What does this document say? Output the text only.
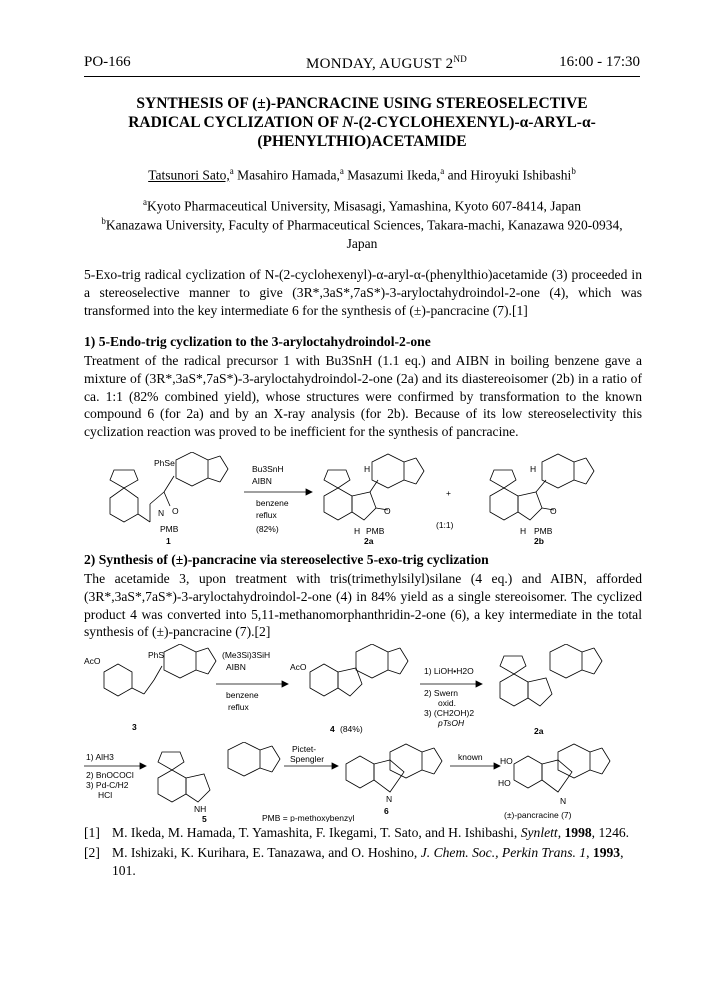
PO-166	MONDAY, AUGUST 2ND	16:00 - 17:30
SYNTHESIS OF (±)-PANCRACINE USING STEREOSELECTIVE
RADICAL CYCLIZATION OF N-(2-CYCLOHEXENYL)-α-ARYL-α-
(PHENYLTHIO)ACETAMIDE
Tatsunori Sato,$^a$ Masahiro Hamada,$^a$ Masazumi Ikeda,$^a$ and Hiroyuki Ishibashi$^b$
$^a$Kyoto Pharmaceutical University, Misasagi, Yamashina, Kyoto 607-8414, Japan
$^b$Kanazawa University, Faculty of Pharmaceutical Sciences, Takara-machi, Kanazawa 920-0934,
Japan
5-Exo-trig radical cyclization of N-(2-cyclohexenyl)-α-aryl-α-(phenylthio)acetamide (3) proceeded in a stereoselective manner to give (3R*,3aS*,7aS*)-3-aryloctahydroindol-2-one (4), which was transformed into the key intermediate 6 for the synthesis of (±)-pancracine (7).[1]
1) 5-Endo-trig cyclization to the 3-aryloctahydroindol-2-one
Treatment of the radical precursor 1 with Bu3SnH (1.1 eq.) and AIBN in boiling benzene gave a mixture of (3R*,3aS*,7aS*)-3-aryloctahydroindol-2-one (2a) and its diastereoisomer (2b) in a ratio of ca. 1:1 (82% combined yield), whose structures were confirmed by transformation to the known compound 6 (for 2a) and by an X-ray analysis (for 2b). Because of its low stereoselectivity this cyclization reaction was proved to be inefficient for the synthesis of pancracine.
PhSe
N
PMB
O
1
Bu3SnH
AIBN
benzene
reflux
(82%)
H
H PMB
O
2a
+
(1:1)
H
H PMB
O
2b
2) Synthesis of (±)-pancracine via stereoselective 5-exo-trig cyclization
The acetamide 3, upon treatment with tris(trimethylsilyl)silane (4 eq.) and AIBN, afforded (3R*,3aS*,7aS*)-3-aryloctahydroindol-2-one (4) in 84% yield as a single stereoisomer. The cyclized product 4 was converted into 5,11-methanomorphanthridin-2-one (6), a key intermediate in the total synthesis of (±)-pancracine (7).[2]
AcO
PhS
3
(Me3Si)3SiH
AIBN
benzene
reflux
AcO
4 (84%)
1) LiOH•H2O
2) Swern
oxid.
3) (CH2OH)2
pTsOH
2a
1) AlH3
2) BnOCOCl
3) Pd-C/H2
HCl
NH
5
Pictet-
Spengler
N
6
known HO
HO
N
(±)-pancracine (7)
PMB = p-methoxybenzyl
[1] M. Ikeda, M. Hamada, T. Yamashita, F. Ikegami, T. Sato, and H. Ishibashi, Synlett, 1998, 1246.
[2] M. Ishizaki, K. Kurihara, E. Tanazawa, and O. Hoshino, J. Chem. Soc., Perkin Trans. 1, 1993, 101.
